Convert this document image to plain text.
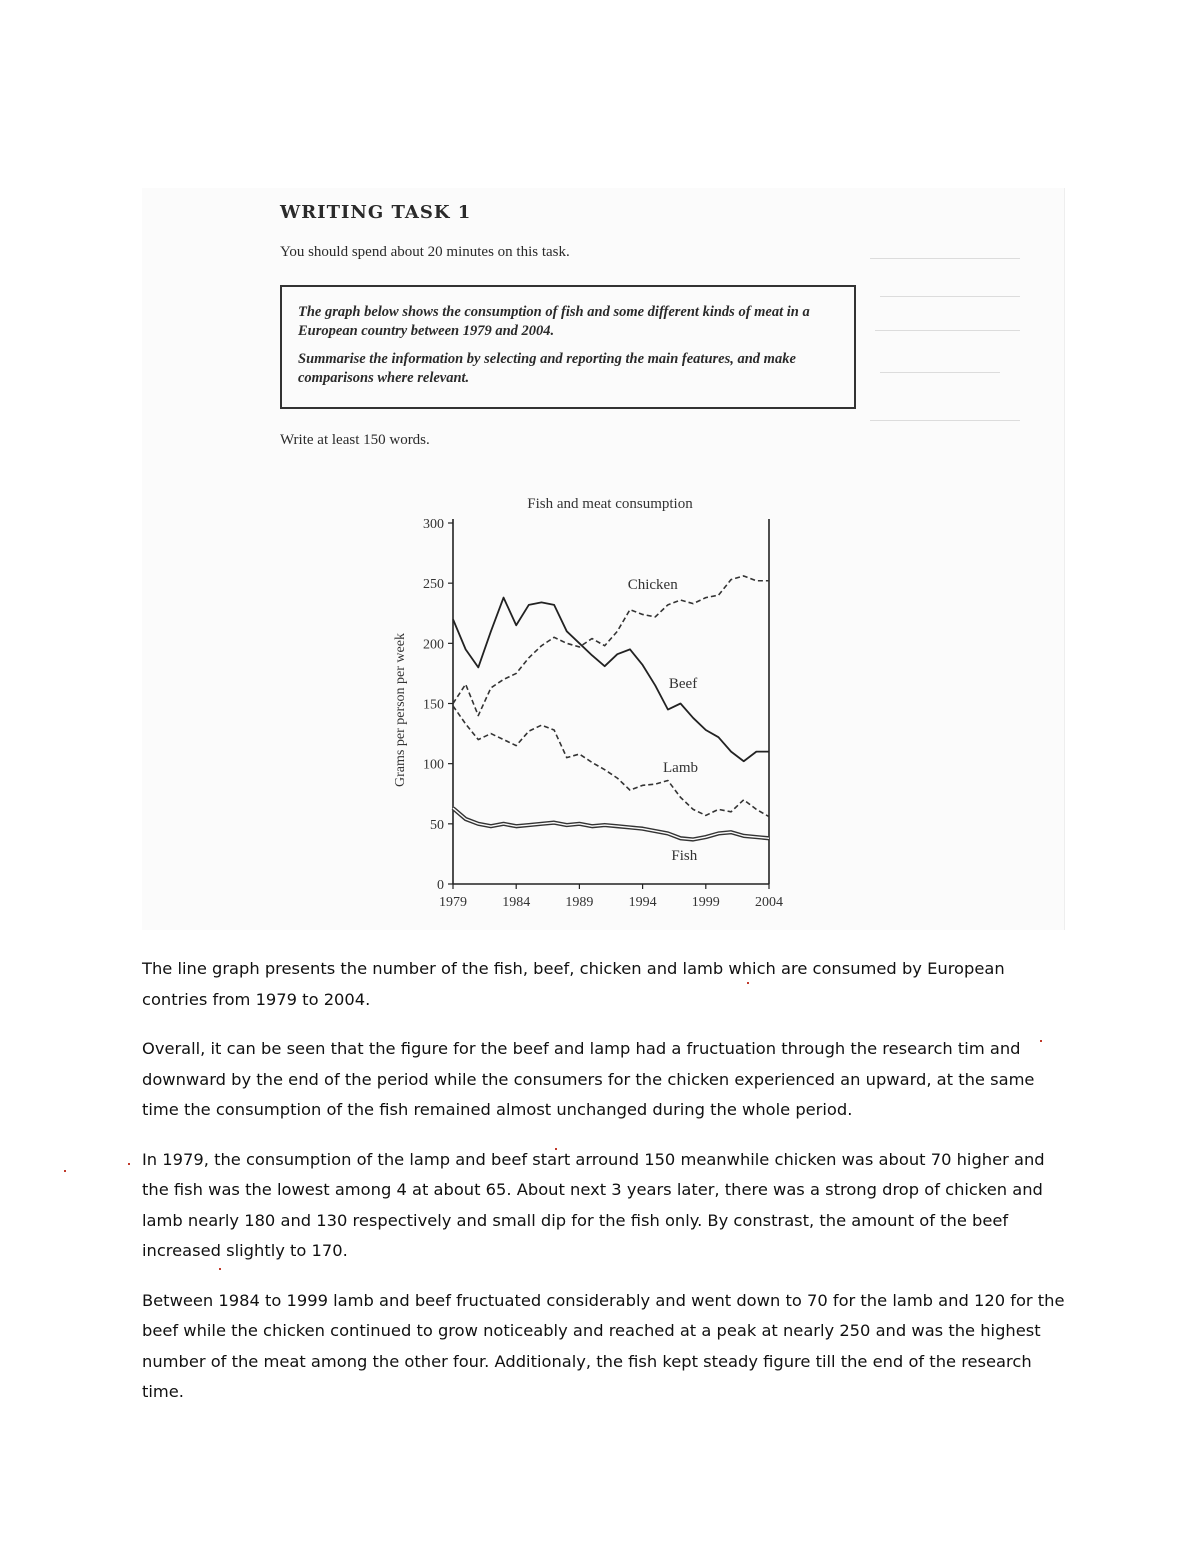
WRITING TASK 1
You should spend about 20 minutes on this task.

The graph below shows the consumption of fish and some different kinds of meat in a European country between 1979 and 2004.

Summarise the information by selecting and reporting the main features, and make comparisons where relevant.

Write at least 150 words.
Fish and meat consumption
Grams per person per week
0
50
100
150
200
250
300
1979	1984	1989	1994	1999	2004
Beef
Chicken
Lamb
Fish

The line graph presents the number of the fish, beef, chicken and lamb which are consumed by European contries from 1979 to 2004.

Overall, it can be seen that the figure for the beef and lamp had a fructuation through the research tim and downward by the end of the period while the consumers for the chicken experienced an upward, at the same time the consumption of the fish remained almost unchanged during the whole period.

In 1979, the consumption of the lamp and beef start arround 150 meanwhile chicken was about 70 higher and the fish was the lowest among 4 at about 65. About next 3 years later, there was a strong drop of chicken and lamb nearly 180 and 130 respectively and small dip for the fish only. By constrast, the amount of the beef increased slightly to 170.

Between 1984 to 1999 lamb and beef fructuated considerably and went down to 70 for the lamb and 120 for the beef while the chicken continued to grow noticeably and reached at a peak at nearly 250 and was the highest number of the meat among the other four. Additionaly, the fish kept steady figure till the end of the research time.
